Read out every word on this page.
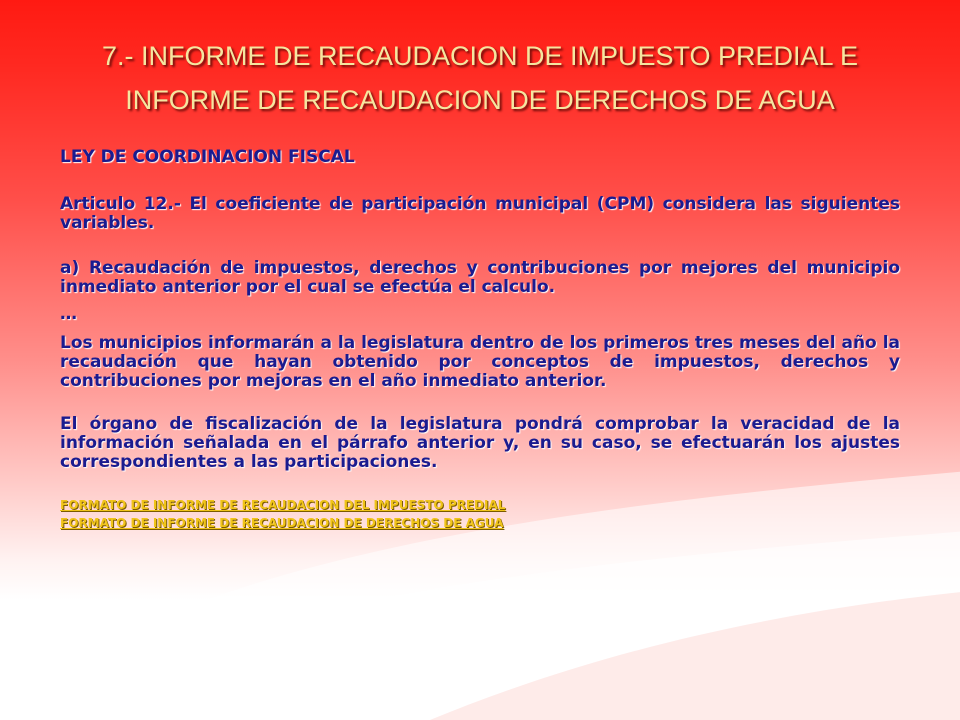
7.- INFORME DE RECAUDACION DE IMPUESTO PREDIAL E INFORME DE RECAUDACION DE DERECHOS DE AGUA

LEY DE COORDINACION FISCAL

Articulo 12.- El coeficiente de participación municipal (CPM) considera las siguientes variables.

a) Recaudación de impuestos, derechos y contribuciones por mejores del municipio inmediato anterior por el cual se efectúa el calculo.

…

Los municipios informarán a la legislatura dentro de los primeros tres meses del año la recaudación que hayan obtenido por conceptos de impuestos, derechos y contribuciones por mejoras en el año inmediato anterior.

El órgano de fiscalización de la legislatura pondrá comprobar la veracidad de la información señalada en el párrafo anterior y, en su caso, se efectuarán los ajustes correspondientes a las participaciones.

FORMATO DE INFORME DE RECAUDACION DEL IMPUESTO PREDIAL
FORMATO DE INFORME DE RECAUDACION DE DERECHOS DE AGUA
